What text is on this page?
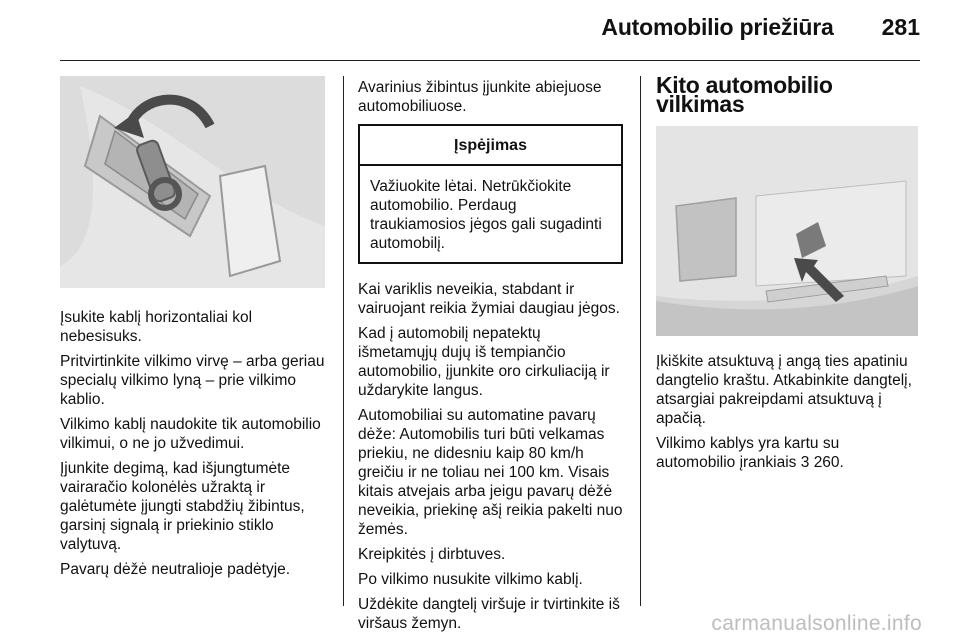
Automobilio priežiūra 281

Įsukite kablį horizontaliai kol nebesisuks.

Pritvirtinkite vilkimo virvę – arba geriau specialų vilkimo lyną – prie vilkimo kablio.

Vilkimo kablį naudokite tik automobilio vilkimui, o ne jo užvedimui.

Įjunkite degimą, kad išjungtumėte vairaračio kolonėlės užraktą ir galėtumėte įjungti stabdžių žibintus, garsinį signalą ir priekinio stiklo valytuvą.

Pavarų dėžė neutralioje padėtyje.

Avarinius žibintus įjunkite abiejuose automobiliuose.

Įspėjimas
Važiuokite lėtai. Netrūkčiokite automobilio. Perdaug traukiamosios jėgos gali sugadinti automobilį.

Kai variklis neveikia, stabdant ir vairuojant reikia žymiai daugiau jėgos.

Kad į automobilį nepatektų išmetamųjų dujų iš tempiančio automobilio, įjunkite oro cirkuliaciją ir uždarykite langus.

Automobiliai su automatine pavarų dėže: Automobilis turi būti velkamas priekiu, ne didesniu kaip 80 km/h greičiu ir ne toliau nei 100 km. Visais kitais atvejais arba jeigu pavarų dėžė neveikia, priekinę ašį reikia pakelti nuo žemės.

Kreipkitės į dirbtuves.

Po vilkimo nusukite vilkimo kablį.

Uždėkite dangtelį viršuje ir tvirtinkite iš viršaus žemyn.

Kito automobilio vilkimas

Įkiškite atsuktuvą į angą ties apatiniu dangtelio kraštu. Atkabinkite dangtelį, atsargiai pakreipdami atsuktuvą į apačią.

Vilkimo kablys yra kartu su automobilio įrankiais 3 260.

carmanualsonline.info
